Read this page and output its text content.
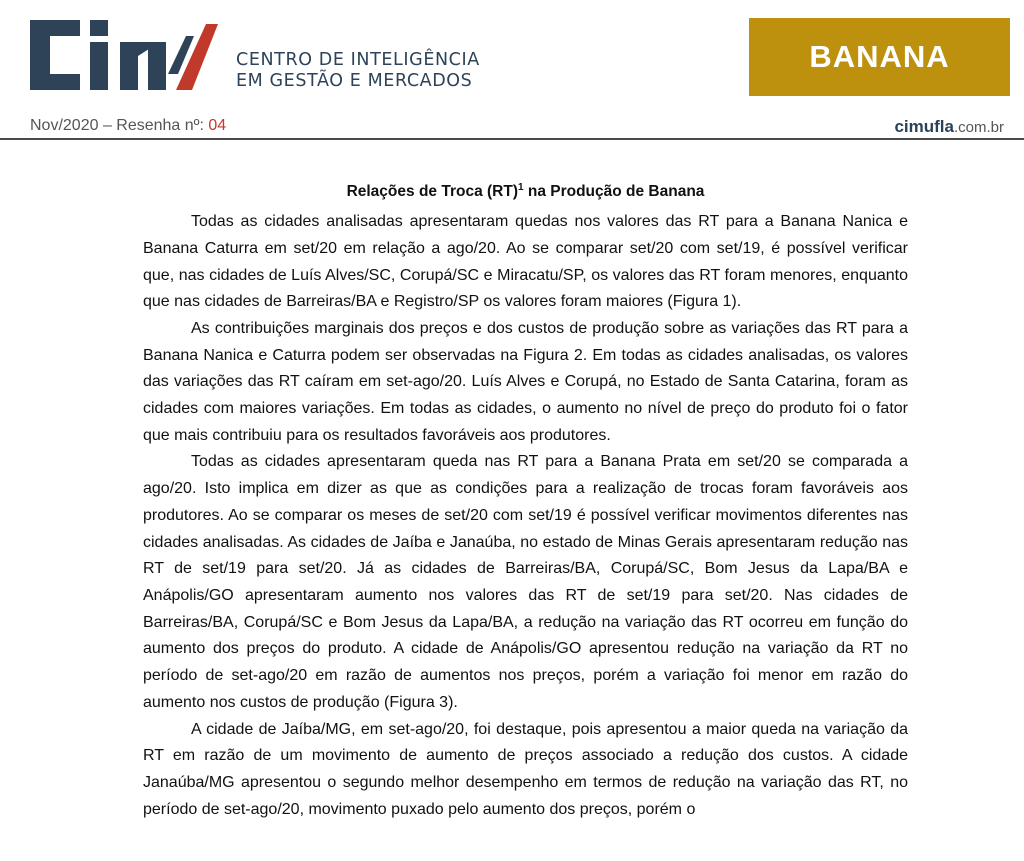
CENTRO DE INTELIGÊNCIA
EM GESTÃO E MERCADOS
BANANA
Nov/2020 – Resenha nº: 04	cimufla.com.br
Relações de Troca (RT)$^1$ na Produção de Banana

Todas as cidades analisadas apresentaram quedas nos valores das RT para a Banana Nanica e Banana Caturra em set/20 em relação a ago/20. Ao se comparar set/20 com set/19, é possível verificar que, nas cidades de Luís Alves/SC, Corupá/SC e Miracatu/SP, os valores das RT foram menores, enquanto que nas cidades de Barreiras/BA e Registro/SP os valores foram maiores (Figura 1).

As contribuições marginais dos preços e dos custos de produção sobre as variações das RT para a Banana Nanica e Caturra podem ser observadas na Figura 2. Em todas as cidades analisadas, os valores das variações das RT caíram em set-ago/20. Luís Alves e Corupá, no Estado de Santa Catarina, foram as cidades com maiores variações. Em todas as cidades, o aumento no nível de preço do produto foi o fator que mais contribuiu para os resultados favoráveis aos produtores.

Todas as cidades apresentaram queda nas RT para a Banana Prata em set/20 se comparada a ago/20. Isto implica em dizer as que as condições para a realização de trocas foram favoráveis aos produtores. Ao se comparar os meses de set/20 com set/19 é possível verificar movimentos diferentes nas cidades analisadas. As cidades de Jaíba e Janaúba, no estado de Minas Gerais apresentaram redução nas RT de set/19 para set/20. Já as cidades de Barreiras/BA, Corupá/SC, Bom Jesus da Lapa/BA e Anápolis/GO apresentaram aumento nos valores das RT de set/19 para set/20. Nas cidades de Barreiras/BA, Corupá/SC e Bom Jesus da Lapa/BA, a redução na variação das RT ocorreu em função do aumento dos preços do produto. A cidade de Anápolis/GO apresentou redução na variação da RT no período de set-ago/20 em razão de aumentos nos preços, porém a variação foi menor em razão do aumento nos custos de produção (Figura 3).

A cidade de Jaíba/MG, em set-ago/20, foi destaque, pois apresentou a maior queda na variação da RT em razão de um movimento de aumento de preços associado a redução dos custos. A cidade Janaúba/MG apresentou o segundo melhor desempenho em termos de redução na variação das RT, no período de set-ago/20, movimento puxado pelo aumento dos preços, porém o
